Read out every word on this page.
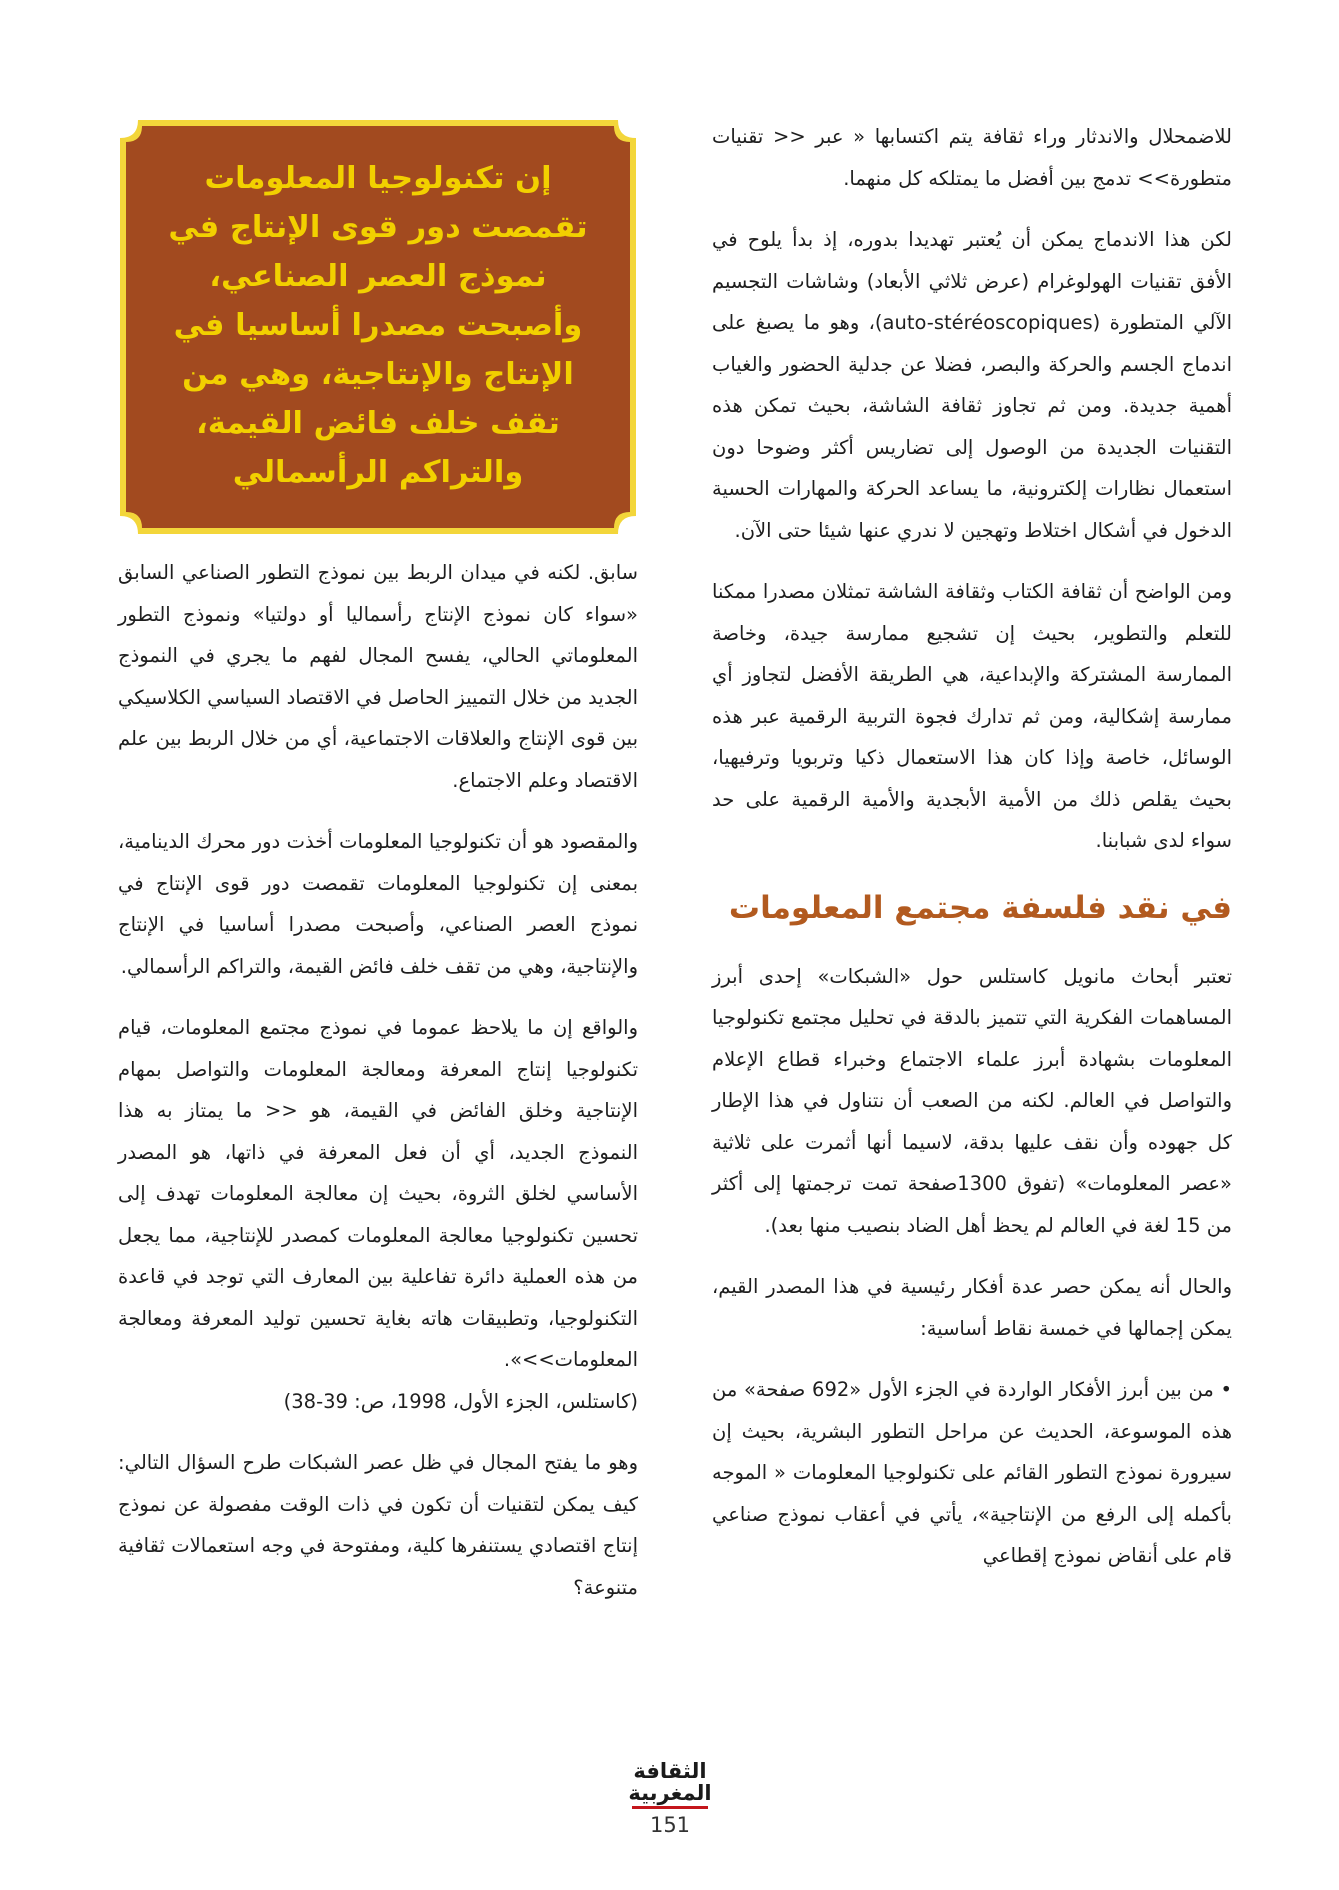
للاضمحلال والاندثار وراء ثقافة يتم اكتسابها « عبر << تقنيات متطورة>> تدمج بين أفضل ما يمتلكه كل منهما.

لكن هذا الاندماج يمكن أن يُعتبر تهديدا بدوره، إذ بدأ يلوح في الأفق تقنيات الهولوغرام (عرض ثلاثي الأبعاد) وشاشات التجسيم الآلي المتطورة (auto-stéréoscopiques)، وهو ما يصبغ على اندماج الجسم والحركة والبصر، فضلا عن جدلية الحضور والغياب أهمية جديدة. ومن ثم تجاوز ثقافة الشاشة، بحيث تمكن هذه التقنيات الجديدة من الوصول إلى تضاريس أكثر وضوحا دون استعمال نظارات إلكترونية، ما يساعد الحركة والمهارات الحسية الدخول في أشكال اختلاط وتهجين لا ندري عنها شيئا حتى الآن.

ومن الواضح أن ثقافة الكتاب وثقافة الشاشة تمثلان مصدرا ممكنا للتعلم والتطوير، بحيث إن تشجيع ممارسة جيدة، وخاصة الممارسة المشتركة والإبداعية، هي الطريقة الأفضل لتجاوز أي ممارسة إشكالية، ومن ثم تدارك فجوة التربية الرقمية عبر هذه الوسائل، خاصة وإذا كان هذا الاستعمال ذكيا وتربويا وترفيهيا، بحيث يقلص ذلك من الأمية الأبجدية والأمية الرقمية على حد سواء لدى شبابنا.

في نقد فلسفة مجتمع المعلومات

تعتبر أبحاث مانويل كاستلس حول «الشبكات» إحدى أبرز المساهمات الفكرية التي تتميز بالدقة في تحليل مجتمع تكنولوجيا المعلومات بشهادة أبرز علماء الاجتماع وخبراء قطاع الإعلام والتواصل في العالم. لكنه من الصعب أن نتناول في هذا الإطار كل جهوده وأن نقف عليها بدقة، لاسيما أنها أثمرت على ثلاثية «عصر المعلومات» (تفوق 1300صفحة تمت ترجمتها إلى أكثر من 15 لغة في العالم لم يحظ أهل الضاد بنصيب منها بعد).

والحال أنه يمكن حصر عدة أفكار رئيسية في هذا المصدر القيم، يمكن إجمالها في خمسة نقاط أساسية:

• من بين أبرز الأفكار الواردة في الجزء الأول «692 صفحة» من هذه الموسوعة، الحديث عن مراحل التطور البشرية، بحيث إن سيرورة نموذج التطور القائم على تكنولوجيا المعلومات « الموجه بأكمله إلى الرفع من الإنتاجية»، يأتي في أعقاب نموذج صناعي قام على أنقاض نموذج إقطاعي

إن تكنولوجيا المعلومات تقمصت دور قوى الإنتاج في نموذج العصر الصناعي، وأصبحت مصدرا أساسيا في الإنتاج والإنتاجية، وهي من تقف خلف فائض القيمة، والتراكم الرأسمالي

سابق. لكنه في ميدان الربط بين نموذج التطور الصناعي السابق «سواء كان نموذج الإنتاج رأسماليا أو دولتيا» ونموذج التطور المعلوماتي الحالي، يفسح المجال لفهم ما يجري في النموذج الجديد من خلال التمييز الحاصل في الاقتصاد السياسي الكلاسيكي بين قوى الإنتاج والعلاقات الاجتماعية، أي من خلال الربط بين علم الاقتصاد وعلم الاجتماع.

والمقصود هو أن تكنولوجيا المعلومات أخذت دور محرك الدينامية، بمعنى إن تكنولوجيا المعلومات تقمصت دور قوى الإنتاج في نموذج العصر الصناعي، وأصبحت مصدرا أساسيا في الإنتاج والإنتاجية، وهي من تقف خلف فائض القيمة، والتراكم الرأسمالي.

والواقع إن ما يلاحظ عموما في نموذج مجتمع المعلومات، قيام تكنولوجيا إنتاج المعرفة ومعالجة المعلومات والتواصل بمهام الإنتاجية وخلق الفائض في القيمة، هو << ما يمتاز به هذا النموذج الجديد، أي أن فعل المعرفة في ذاتها، هو المصدر الأساسي لخلق الثروة، بحيث إن معالجة المعلومات تهدف إلى تحسين تكنولوجيا معالجة المعلومات كمصدر للإنتاجية، مما يجعل من هذه العملية دائرة تفاعلية بين المعارف التي توجد في قاعدة التكنولوجيا، وتطبيقات هاته بغاية تحسين توليد المعرفة ومعالجة المعلومات>>».
(كاستلس، الجزء الأول، 1998، ص: 39-38)

وهو ما يفتح المجال في ظل عصر الشبكات طرح السؤال التالي: كيف يمكن لتقنيات أن تكون في ذات الوقت مفصولة عن نموذج إنتاج اقتصادي يستنفرها كلية، ومفتوحة في وجه استعمالات ثقافية متنوعة؟

الثقافة
المغربية
151
